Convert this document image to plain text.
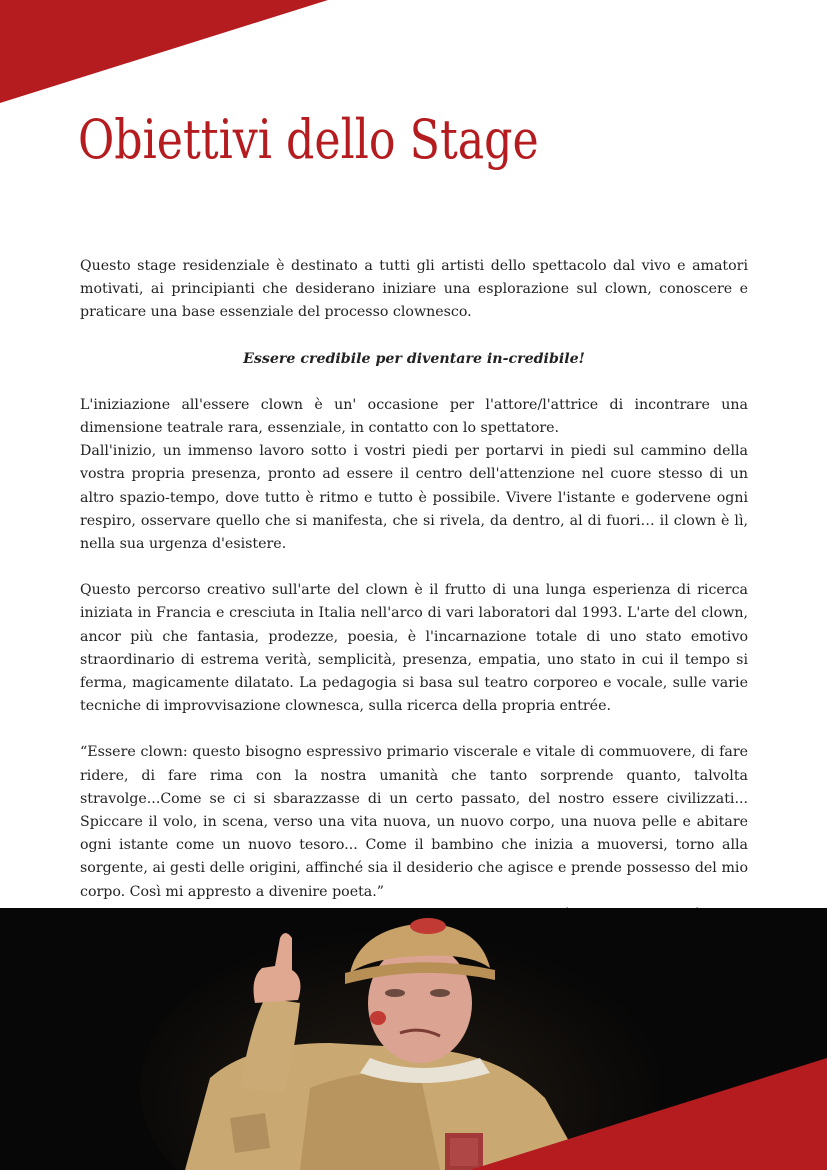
Obiettivi dello Stage

Questo stage residenziale è destinato a tutti gli artisti dello spettacolo dal vivo e amatori motivati, ai principianti che desiderano iniziare una esplorazione sul clown, conoscere e praticare una base essenziale del processo clownesco.

Essere credibile per diventare in-credibile!

L'iniziazione all'essere clown è un' occasione per l'attore/l'attrice di incontrare una dimensione teatrale rara, essenziale, in contatto con lo spettatore.

Dall'inizio, un immenso lavoro sotto i vostri piedi per portarvi in piedi sul cammino della vostra propria presenza, pronto ad essere il centro dell'attenzione nel cuore stesso di un altro spazio-tempo, dove tutto è ritmo e tutto è possibile. Vivere l'istante e godervene ogni respiro, osservare quello che si manifesta, che si rivela, da dentro, al di fuori… il clown è lì, nella sua urgenza d'esistere.

Questo percorso creativo sull'arte del clown è il frutto di una lunga esperienza di ricerca iniziata in Francia e cresciuta in Italia nell'arco di vari laboratori dal 1993. L'arte del clown, ancor più che fantasia, prodezze, poesia, è l'incarnazione totale di uno stato emotivo straordinario di estrema verità, semplicità, presenza, empatia, uno stato in cui il tempo si ferma, magicamente dilatato. La pedagogia si basa sul teatro corporeo e vocale, sulle varie tecniche di improvvisazione clownesca, sulla ricerca della propria entrée.

“Essere clown: questo bisogno espressivo primario viscerale e vitale di commuovere, di fare ridere, di fare rima con la nostra umanità che tanto sorprende quanto, talvolta stravolge...Come se ci si sbarazzasse di un certo passato, del nostro essere civilizzati... Spiccare il volo, in scena, verso una vita nuova, un nuovo corpo, una nuova pelle e abitare ogni istante come un nuovo tesoro... Come il bambino che inizia a muoversi, torno alla sorgente, ai gesti delle origini, affinché sia il desiderio che agisce e prende possesso del mio corpo. Così mi appresto a divenire poeta.”
